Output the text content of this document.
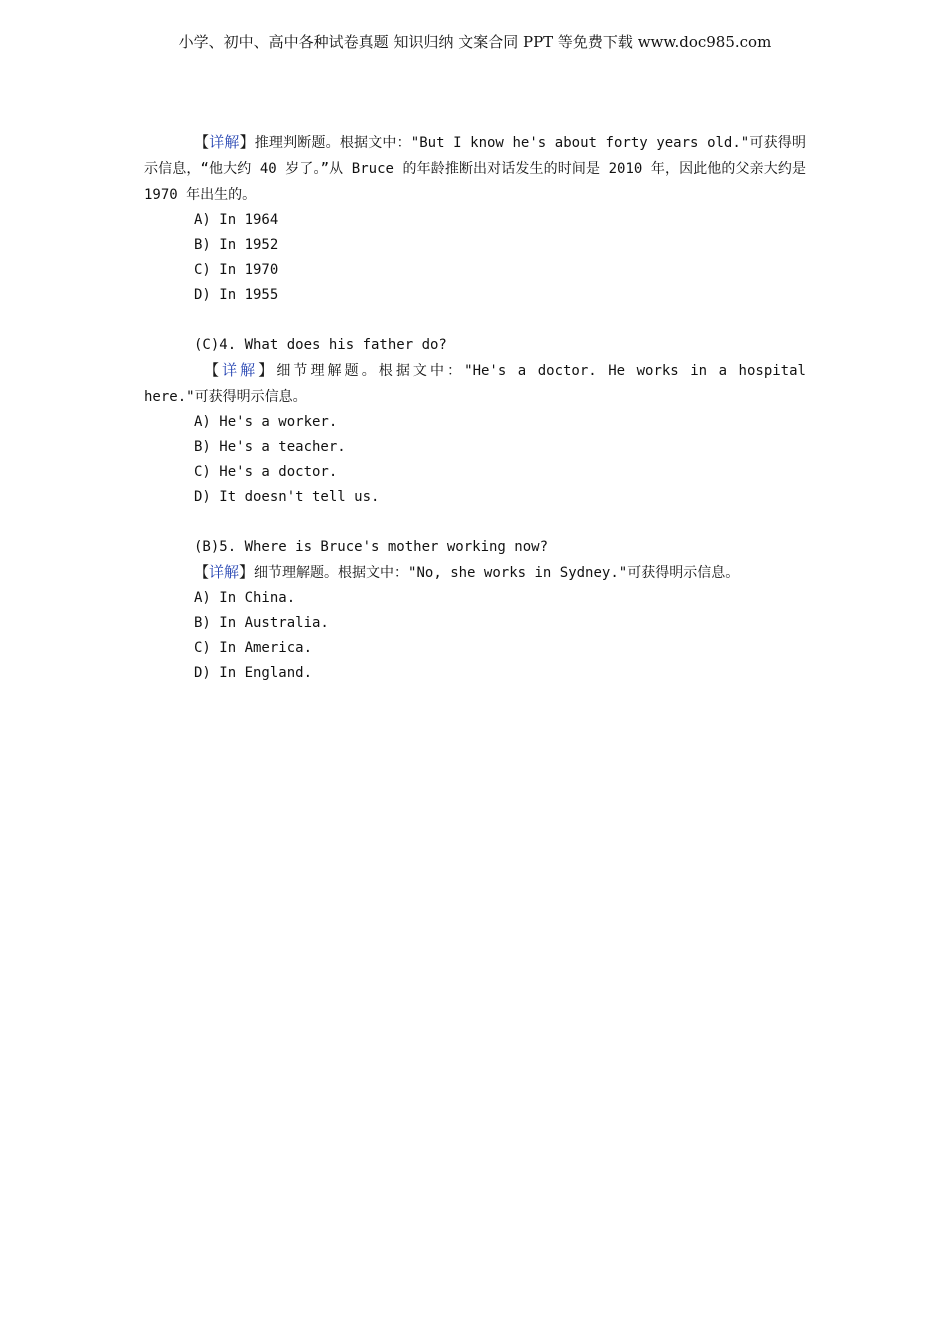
小学、初中、高中各种试卷真题 知识归纳 文案合同 PPT 等免费下载 www.doc985.com
【详解】推理判断题。根据文中："But I know he's about forty years old."可获得明示信息，“他大约 40 岁了。”从 Bruce 的年龄推断出对话发生的时间是 2010 年，因此他的父亲大约是 1970 年出生的。
A) In 1964
B) In 1952
C) In 1970
D) In 1955
(C)4. What does his father do?
【详解】细节理解题。根据文中："He's a doctor. He works in a hospital here."可获得明示信息。
A) He's a worker.
B) He's a teacher.
C) He's a doctor.
D) It doesn't tell us.
(B)5. Where is Bruce's mother working now?
【详解】细节理解题。根据文中："No, she works in Sydney."可获得明示信息。
A) In China.
B) In Australia.
C) In America.
D) In England.
